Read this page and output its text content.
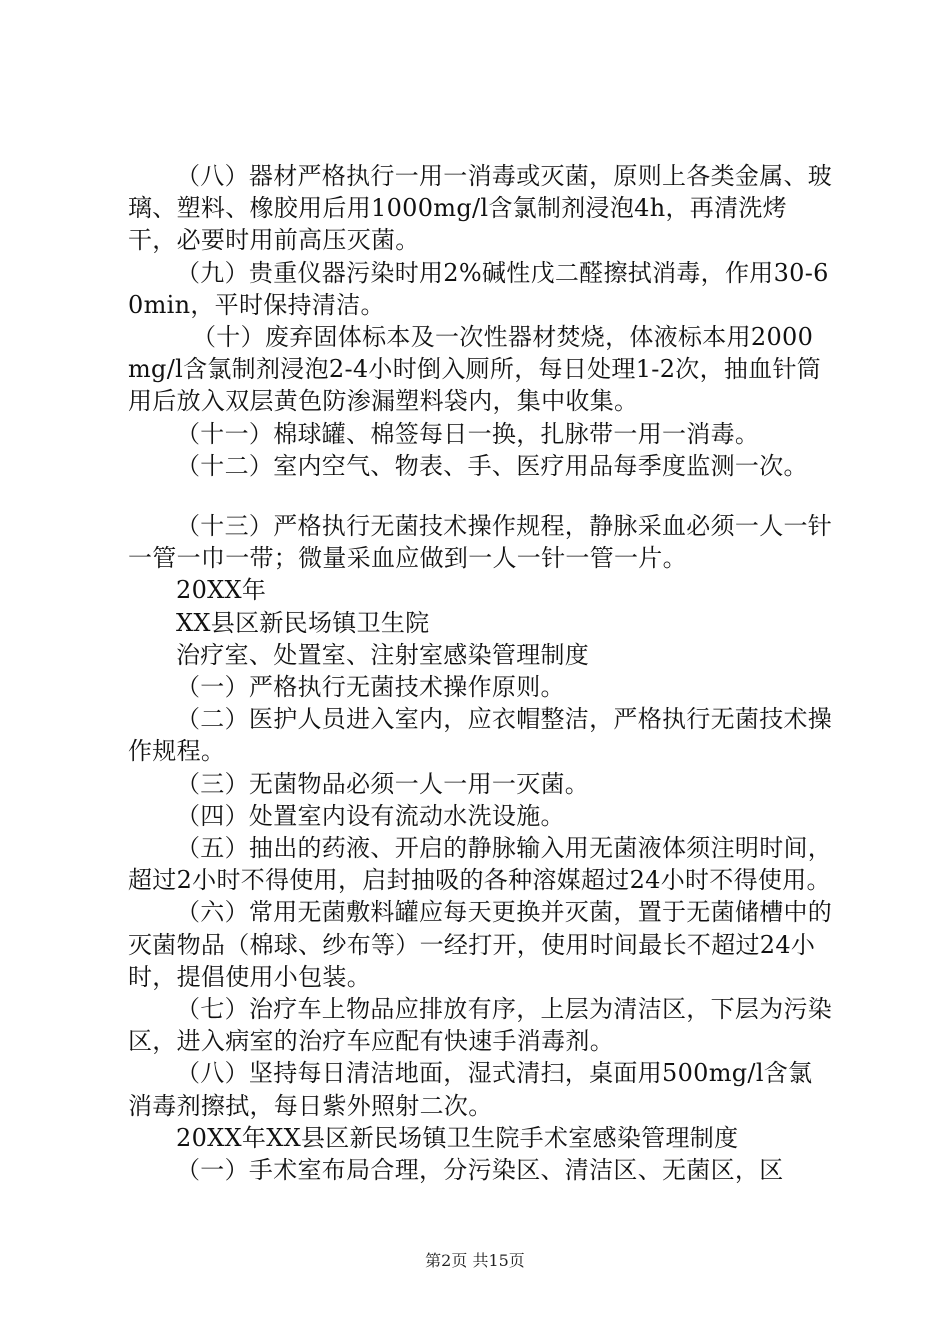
（八）器材严格执行一用一消毒或灭菌，原则上各类金属、玻璃、塑料、橡胶用后用1000mg/l含氯制剂浸泡4h，再清洗烤干，必要时用前高压灭菌。

（九）贵重仪器污染时用2%碱性戊二醛擦拭消毒，作用30-60min，平时保持清洁。

（十）废弃固体标本及一次性器材焚烧，体液标本用2000mg/l含氯制剂浸泡2-4小时倒入厕所，每日处理1-2次，抽血针筒用后放入双层黄色防渗漏塑料袋内，集中收集。

（十一）棉球罐、棉签每日一换，扎脉带一用一消毒。

（十二）室内空气、物表、手、医疗用品每季度监测一次。

（十三）严格执行无菌技术操作规程，静脉采血必须一人一针一管一巾一带；微量采血应做到一人一针一管一片。

20XX年

XX县区新民场镇卫生院

治疗室、处置室、注射室感染管理制度

（一）严格执行无菌技术操作原则。

（二）医护人员进入室内，应衣帽整洁，严格执行无菌技术操作规程。

（三）无菌物品必须一人一用一灭菌。

（四）处置室内设有流动水洗设施。

（五）抽出的药液、开启的静脉输入用无菌液体须注明时间，超过2小时不得使用，启封抽吸的各种溶媒超过24小时不得使用。

（六）常用无菌敷料罐应每天更换并灭菌，置于无菌储槽中的灭菌物品（棉球、纱布等）一经打开，使用时间最长不超过24小时，提倡使用小包装。

（七）治疗车上物品应排放有序，上层为清洁区，下层为污染区，进入病室的治疗车应配有快速手消毒剂。

（八）坚持每日清洁地面，湿式清扫，桌面用500mg/l含氯消毒剂擦拭，每日紫外照射二次。

20XX年XX县区新民场镇卫生院手术室感染管理制度

（一）手术室布局合理，分污染区、清洁区、无菌区，区

第2页 共15页
